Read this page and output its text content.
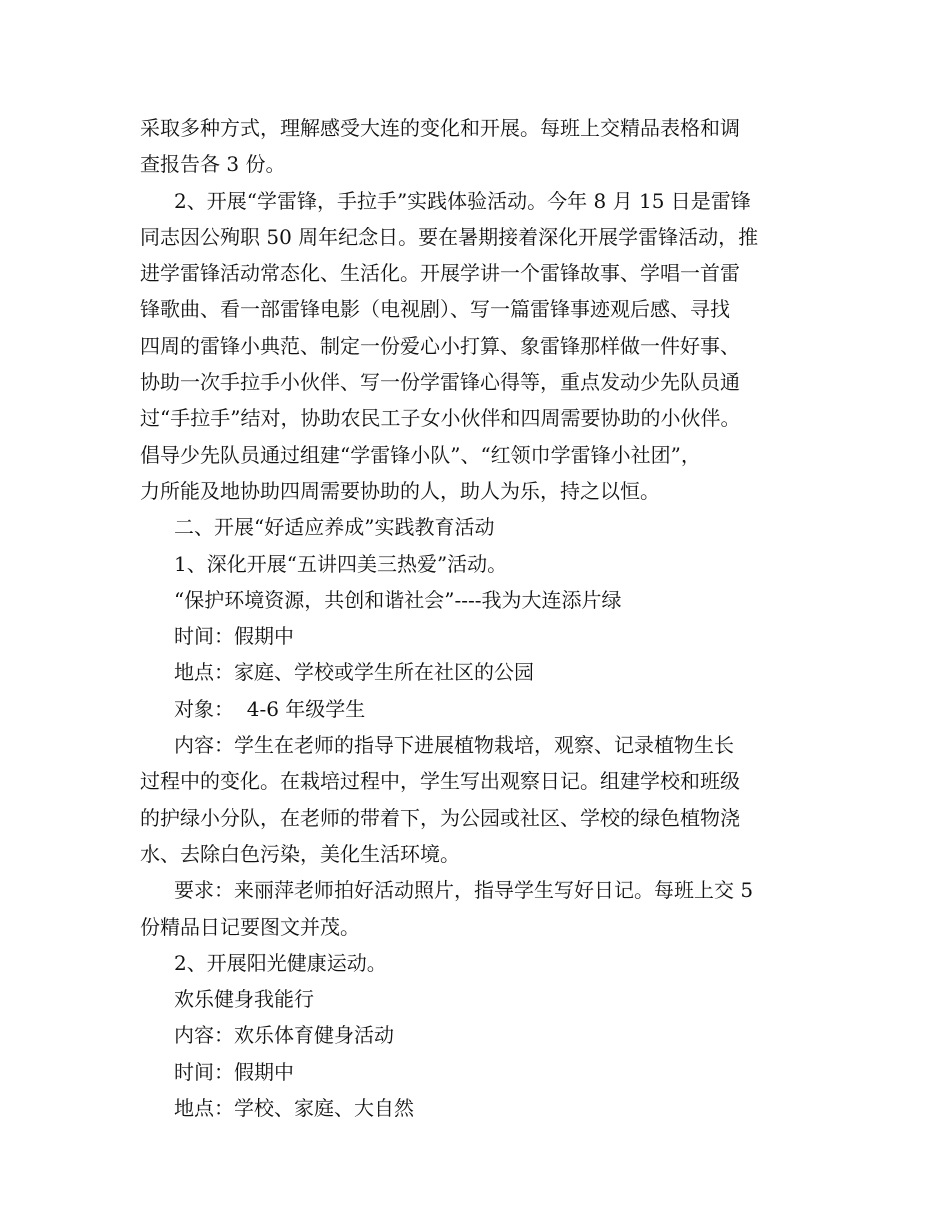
采取多种方式，理解感受大连的变化和开展。每班上交精品表格和调
查报告各 3 份。
2、开展“学雷锋，手拉手”实践体验活动。今年 8 月 15 日是雷锋
同志因公殉职 50 周年纪念日。要在暑期接着深化开展学雷锋活动，推
进学雷锋活动常态化、生活化。开展学讲一个雷锋故事、学唱一首雷
锋歌曲、看一部雷锋电影（电视剧）、写一篇雷锋事迹观后感、寻找
四周的雷锋小典范、制定一份爱心小打算、象雷锋那样做一件好事、
协助一次手拉手小伙伴、写一份学雷锋心得等，重点发动少先队员通
过“手拉手”结对，协助农民工子女小伙伴和四周需要协助的小伙伴。
倡导少先队员通过组建“学雷锋小队”、“红领巾学雷锋小社团”，
力所能及地协助四周需要协助的人，助人为乐，持之以恒。
二、开展“好适应养成”实践教育活动
1、深化开展“五讲四美三热爱”活动。
“保护环境资源，共创和谐社会”----我为大连添片绿
时间：假期中
地点：家庭、学校或学生所在社区的公园
对象：  4-6 年级学生
内容：学生在老师的指导下进展植物栽培，观察、记录植物生长
过程中的变化。在栽培过程中，学生写出观察日记。组建学校和班级
的护绿小分队，在老师的带着下，为公园或社区、学校的绿色植物浇
水、去除白色污染，美化生活环境。
要求：来丽萍老师拍好活动照片，指导学生写好日记。每班上交 5
份精品日记要图文并茂。
2、开展阳光健康运动。
欢乐健身我能行
内容：欢乐体育健身活动
时间：假期中
地点：学校、家庭、大自然
